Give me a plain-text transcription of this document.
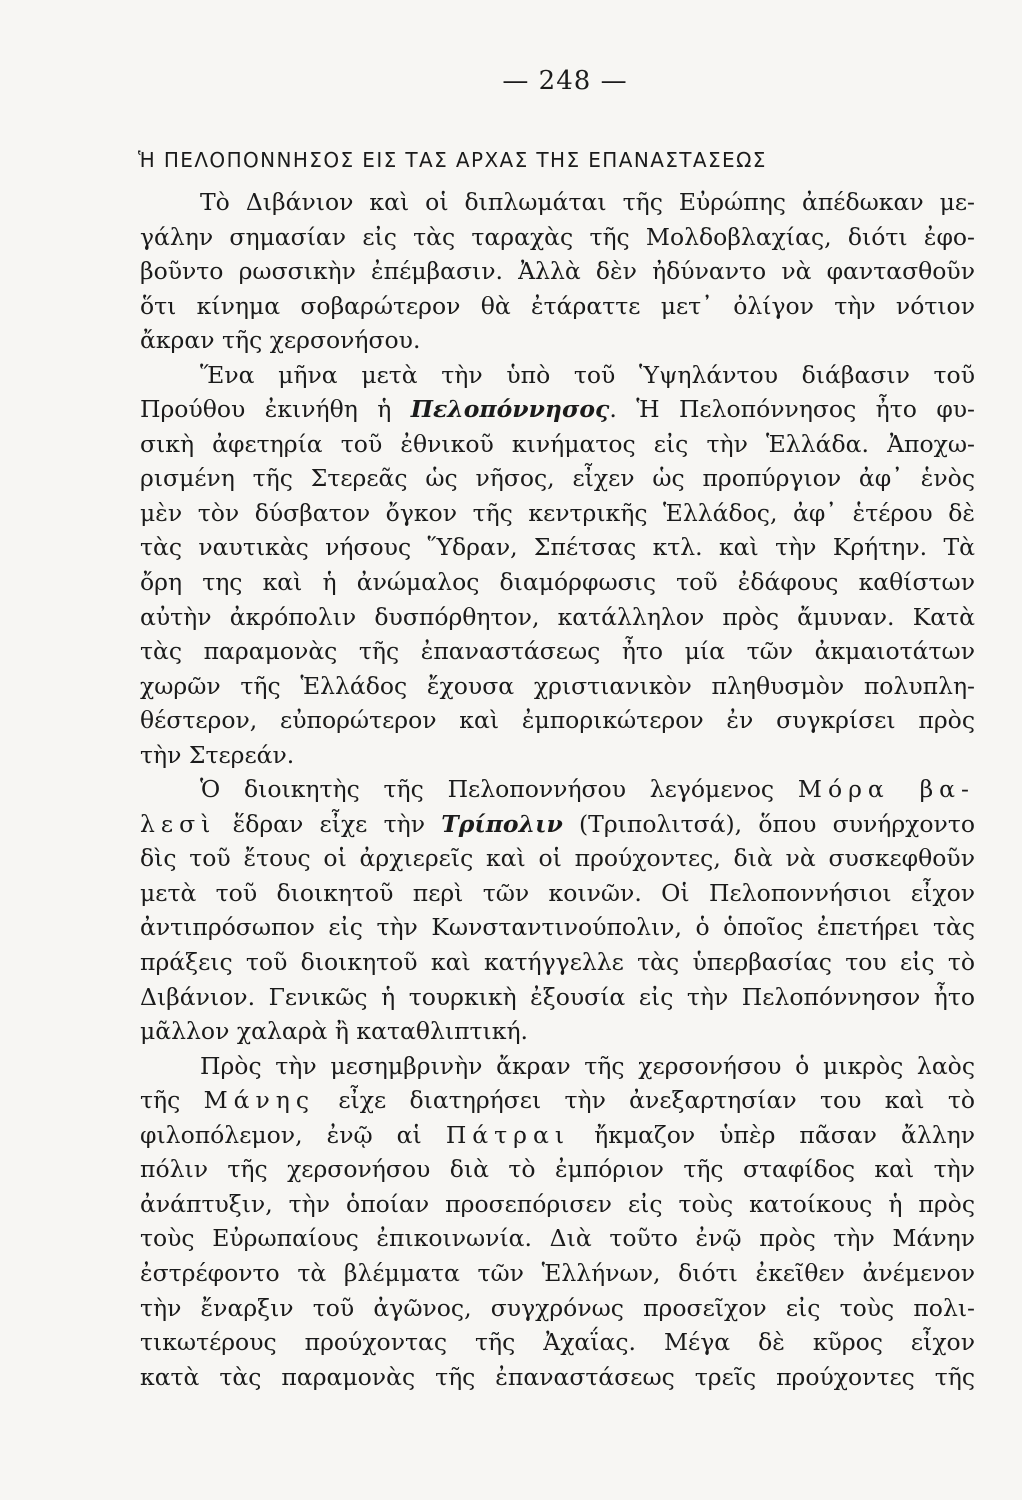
— 248 —
Ἡ ΠΕΛΟΠΟΝΝΗΣΟΣ ΕΙΣ ΤΑΣ ΑΡΧΑΣ ΤΗΣ ΕΠΑΝΑΣΤΑΣΕΩΣ
Τὸ Διβάνιον καὶ οἱ διπλωμάται τῆς Εὐρώπης ἀπέδωκαν με-
γάλην σημασίαν εἰς τὰς ταραχὰς τῆς Μολδοβλαχίας, διότι ἐφο-
βοῦντο ρωσσικὴν ἐπέμβασιν. Ἀλλὰ δὲν ἠδύναντο νὰ φαντασθοῦν
ὅτι κίνημα σοβαρώτερον θὰ ἐτάραττε μετ᾽ ὀλίγον τὴν νότιον
ἄκραν τῆς χερσονήσου.
Ἕνα μῆνα μετὰ τὴν ὑπὸ τοῦ Ὑψηλάντου διάβασιν τοῦ
Προύθου ἐκινήθη ἡ Πελοπόννησος. Ἡ Πελοπόννησος ἦτο φυ-
σικὴ ἀφετηρία τοῦ ἐθνικοῦ κινήματος εἰς τὴν Ἑλλάδα. Ἀποχω-
ρισμένη τῆς Στερεᾶς ὡς νῆσος, εἶχεν ὡς προπύργιον ἀφ᾽ ἑνὸς
μὲν τὸν δύσβατον ὄγκον τῆς κεντρικῆς Ἑλλάδος, ἀφ᾽ ἑτέρου δὲ
τὰς ναυτικὰς νήσους Ὕδραν, Σπέτσας κτλ. καὶ τὴν Κρήτην. Τὰ
ὄρη της καὶ ἡ ἀνώμαλος διαμόρφωσις τοῦ ἐδάφους καθίστων
αὐτὴν ἀκρόπολιν δυσπόρθητον, κατάλληλον πρὸς ἄμυναν. Κατὰ
τὰς παραμονὰς τῆς ἐπαναστάσεως ἦτο μία τῶν ἀκμαιοτάτων
χωρῶν τῆς Ἑλλάδος ἔχουσα χριστιανικὸν πληθυσμὸν πολυπλη-
θέστερον, εὐπορώτερον καὶ ἐμπορικώτερον ἐν συγκρίσει πρὸς
τὴν Στερεάν.
Ὁ διοικητὴς τῆς Πελοποννήσου λεγόμενος Μόρα βα-
λεσὶ ἕδραν εἶχε τὴν Τρίπολιν (Τριπολιτσά), ὅπου συνήρχοντο
δὶς τοῦ ἔτους οἱ ἀρχιερεῖς καὶ οἱ προύχοντες, διὰ νὰ συσκεφθοῦν
μετὰ τοῦ διοικητοῦ περὶ τῶν κοινῶν. Οἱ Πελοποννήσιοι εἶχον
ἀντιπρόσωπον εἰς τὴν Κωνσταντινούπολιν, ὁ ὁποῖος ἐπετήρει τὰς
πράξεις τοῦ διοικητοῦ καὶ κατήγγελλε τὰς ὑπερβασίας του εἰς τὸ
Διβάνιον. Γενικῶς ἡ τουρκικὴ ἐξουσία εἰς τὴν Πελοπόννησον ἦτο
μᾶλλον χαλαρὰ ἢ καταθλιπτική.
Πρὸς τὴν μεσημβρινὴν ἄκραν τῆς χερσονήσου ὁ μικρὸς λαὸς
τῆς Μάνης εἶχε διατηρήσει τὴν ἀνεξαρτησίαν του καὶ τὸ
φιλοπόλεμον, ἐνῷ αἱ Πάτραι ἤκμαζον ὑπὲρ πᾶσαν ἄλλην
πόλιν τῆς χερσονήσου διὰ τὸ ἐμπόριον τῆς σταφίδος καὶ τὴν
ἀνάπτυξιν, τὴν ὁποίαν προσεπόρισεν εἰς τοὺς κατοίκους ἡ πρὸς
τοὺς Εὐρωπαίους ἐπικοινωνία. Διὰ τοῦτο ἐνῷ πρὸς τὴν Μάνην
ἐστρέφοντο τὰ βλέμματα τῶν Ἑλλήνων, διότι ἐκεῖθεν ἀνέμενον
τὴν ἔναρξιν τοῦ ἀγῶνος, συγχρόνως προσεῖχον εἰς τοὺς πολι-
τικωτέρους προύχοντας τῆς Ἀχαΐας. Μέγα δὲ κῦρος εἶχον
κατὰ τὰς παραμονὰς τῆς ἐπαναστάσεως τρεῖς προύχοντες τῆς
